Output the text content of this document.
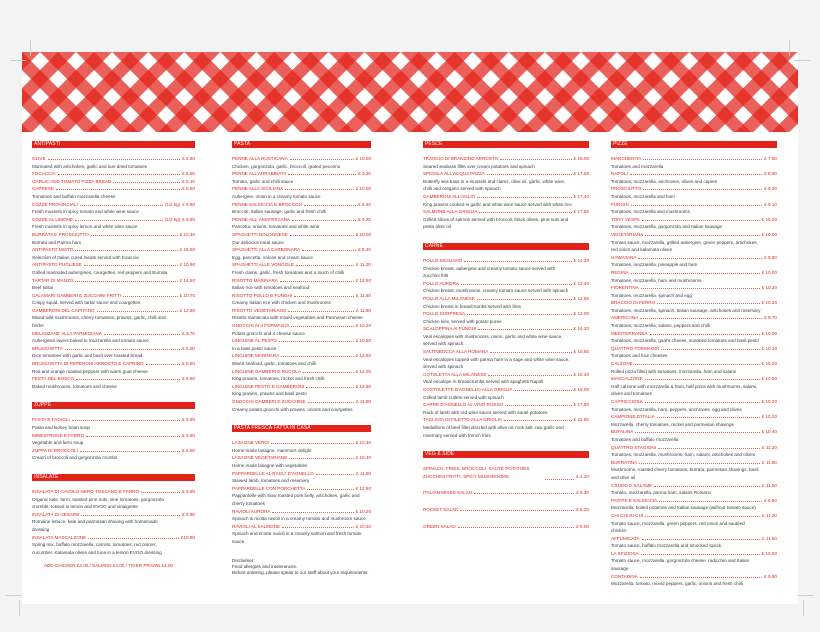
ANTIPASTI
OLIVE	£ 4.60
Marinated with artichokes, garlic and sun-dried tomatoes
FOCACCIA	£ 5.60
GARLIC AND TOMATO PIZZA BREAD	£ 6.10
CAPRESE	£ 8.50
Tomatoes and buffalo mozzarella cheese
COZZE PROVINCIALI	(1/2 kg) £ 9.90
Fresh mussels in spicy tomato and white wine sauce
COZZE AL LIMONE	(1/2 kg) £ 9.90
Fresh mussels in spicy lemon and white wine sauce
BURRATA E PROSCIUTTO	£ 10.40
Burrata and Parma ham
ANTIPASTO MISTO	£ 16.50
Selection of Italian cured meats served with focaccia
ANTIPASTO PUGLIESE	£ 10.90
Grilled marinated aubergines, courgettes, red peppers and Burrata
TARTAR DI MANZO	£ 14.50
Beef tartar
CALAMARI GAMBERI E ZUCCHINI FRITTI	£ 10.70
Crispy squid, served with tartar sauce and courgettes
GAMBERONI DEL CAPITANO	£ 12.50
Mixed wild mushrooms, cherry tomatoes, prawns, garlic, chilli and herbs
MELANZANE ALLA PARMIGIANA	£ 9.70
Aubergines layers baked in mozzarella and tomato sauce
BRUSCHETTA	£ 6.00
Dice tomatoes with garlic and basil over toasted bread
BRUSCHETTA DI PEPERONI ARROSTO E CAPRINO	£ 8.50
Red and orange roasted peppers with warm goat cheese
FESTA DEL BOSCO	£ 9.50
Baked mushrooms, tomatoes and cheese
ZUPPE
PASTA E FAGIOLI	£ 5.90
Pasta and kidney bean soup
MINESTRONE E FARRO	£ 6.50
Vegetable and farro soup
ZUPPA DI BROCCOLI	£ 6.50
Cream of broccoli and gorgonzola crumbs
INSALATE
INSALATA DI CAVOLO NERO TOSCANO E FARRO	£ 9.90
Organic kale, farro, toasted pine nuts, vine tomatoes, gorgonzola crumble, tossed in lemon and EVOO and vinaigrette
INSALATA DI CESARE	£ 9.90
Romaine lettuce, kale and parmesan shaving with homemade dressing
INSALATA MASCALZONE	£10.90
Spring mix, buffalo mozzarella, carrots, tomatoes, red onions, cucumber, Kalamata olives and tuna in a lemon EVOO dressing
ADD CHICKEN £3.00 / SALMON £4.00 / TIGER PRAWN £4.00
PASTA
PENNE ALLA RUSTICANA	£ 10.00
Chicken, gorgonzola, garlic, broccoli, grated pecorino
PENNE ALL'ARRABBIATA	£ 9.20
Tomato, garlic and chilli sauce
PENNE ALLA SICILIANA	£ 10.00
Aubergine, onion in a creamy tomato sauce
PENNE SALSICCIA E BROCCOLI	£ 9.40
Broccoli, Italian sausage, garlic and fresh chilli
PENNE ALL' AMATRICIANA	£ 9.20
Pancetta, onions, tomatoes and white wine
SPAGHETTI BOLOGNESE	£ 10.00
Our delicious meat sauce
SPAGHETTI ALLA CARBONARA	£ 9.40
Egg, pancetta, onions and cream sauce
SPAGHETTI ALLE VONGOLE	£ 11.30
Fresh clams, garlic, fresh tomatoes and a touch of chilli
RISOTTO MARINARA	£ 13.50
Italian rice with tomatoes and seafood
RISOTTO POLLO E FUNGHI	£ 11.40
Creamy Italian rice with chicken and mushrooms
RISOTTO VEGETARIANO	£ 11.50
Risotto mantecato with mixed vegetables and Parmesan cheese
GNOCCHI AI 4 FORMAGGI	£ 10.20
Potato gnocchi and 4 cheese sauce
LINGUINE AL PESTO	£ 10.80
In a basil pesto sauce
LINGUINE MARINARA	£ 13.50
Mixed seafood, garlic, tomatoes and chilli
LINGUINE GAMBERI E RUCOLA	£ 12.00
King prawns, tomatoes, rocket and fresh chilli
LINGUINE PESTO E GAMBERONI	£ 12.50
King prawns, prawns and basil pesto
GNOCCHI GAMBERI E ZUCCHINE	£ 11.80
Creamy potato gnocchi with prawns, onions and courgettes
PASTA FRESCA FATTA IN CASA
LASAGNE VERDI	£ 10.40
Home made lasagne, mamma's delight
LASAGNE VEGETARIANE	£ 10.40
Home made lasagne with vegetables
PAPPARDELLE AL RAGU' D'AGNELLO	£ 11.50
Stewed lamb, tomatoes and rosemary
PAPPARDELLE CON PORCHETTA	£ 12.50
Pappardelle with slow roasted pork belly, artichokes, garlic and cherry tomatoes
RAVIOLI AURORA	£ 10.20
Spinach & ricotta ravioli in a creamy tomato and mushroom sauce
RAVIOLI AL SALMONE	£ 10.40
Spinach and ricotta ravioli in a creamy salmon and fresh tomato sauce
Disclaimer:
Food allergies and intolerances.
Before ordering, please speak to our staff about your requirements.
PESCE
TRANCIO DI BRANZINO ARROSTO	£ 16.00
Seared seabass fillet over cream potatoes and spinach
SPIGOLA ALL'ACQUA PAZZA	£ 17.50
Butterfly sea bass in a mussels and clams, olive oil, garlic, white wine, chilli and oregano served with spinach
GAMBERONI ALL'AGLIO	£ 17.40
King prawns cooked in garlic and white wine sauce served with white rice
SALMONE ALLA GRIGLIA	£ 17.50
Grilled slices of salmon served with broccoli, black olives, pine nuts and pesto olive oil
CARNE
POLLO SICILIANO	£ 14.20
Chicken breast, aubergine and creamy tomato sauce served with zucchini fritti
POLLO AURORA	£ 13.40
Chicken breast, mushrooms, creamy tomato sauce served with spinach
POLLO ALLA MILANESE	£ 12.80
Chicken breast in breadcrumbs served with fries
POLLO SORPRESA	£ 13.00
Chicken kiev, served with potato puree
SCALOPPINA AI FUNGHI	£ 16.20
Veal escalopes with mushrooms, onion, garlic and white wine sauce, served with spinach
SALTINBOCCA ALLA ROMANA	£ 15.80
Veal escalopes topped with parma ham in a sage and white wine sauce, served with spinach
COTOLETTA ALLA MILANESE	£ 15.40
Veal escalope in breadcrumbs served with spaghetti Napoli
COSTOLETTE D'AGNELLO ALLA GRIGLIA	£ 16.00
Grilled lamb cutlets served with spinach
CARRÉ D'AGNELLO AL VINO ROSSO	£ 17.50
Rack of lamb with red wine sauce served with sauté potatoes
TAGLIATA DI FILETTO ALLA GRIGLIA	£ 22.80
Medallions of beef fillet drizzled with olive oil, rock salt, raw garlic and rosemary served with french fries
VEG & SIDE
SPINACH, FRIES, BROCCOLI, SAUTÉ POTATOES, ZUCCHINI FRITTI, SPICY MUSHROOMS	£ 4.20
ITALIAN MIXED SALAD	£ 5.30
ROCKET SALAD	£ 6.20
GREEN SALAD	£ 5.00
PIZZE
MARGHERITA	£ 7.60
Tomatoes and mozzarella
NAPOLI	£ 8.90
Tomatoes, mozzarella, anchovies, olives and capers
PROSCIUTTO	£ 9.20
Tomatoes, mozzarella and ham
FUNGHI	£ 9.10
Tomatoes, mozzarella and mushrooms
TONY VESPA	£ 10.20
Tomatoes, mozzarella, gorgonzola and Italian sausage
VEGETARIANA	£ 10.00
Tomato sauce, mozzarella, grilled aubergine, green peppers, artichokes, red onion and kalamata olives
HAWAIIANA	£ 9.60
Tomatoes, mozzarella, pineapple and ham
REGINA	£ 10.00
Tomatoes, mozzarella, ham and mushrooms
FIORENTINA	£ 10.20
Tomatoes, mozzarella, spinach and egg
BRACCIO DI FERRO	£ 10.20
Tomatoes, mozzarella, spinach, Italian sausage, artichokes and rosemary
AMERICANA	£ 9.70
Tomatoes, mozzarella, salami, peppers and chilli
MEDITERRANEA	£ 10.00
Tomatoes, mozzarella, goat's cheese, sundried tomatoes and basil pesto
QUATTRO FORMAGGI	£ 10.10
Tomatoes and four cheeses
CALZONE	£ 10.20
Rolled pizza filled with tomatoes, mozzarella, ham and salami
MASCALZONE	£ 10.50
Half calzone with mozzarella & ham, half pizza with mushrooms, salami, olives and tomatoes
CAPRICCIOSA	£ 10.20
Tomatoes, mozzarella, ham, peppers, anchovies, egg and olives
CAMPIONE D'ITALIA	£ 10.20
Mozzarella, cherry tomatoes, rocket and parmesan shavings
BUFALINA	£ 10.40
Tomatoes and buffalo mozzarella
QUATTRO STAGIONI	£ 11.20
Tomatoes, mozzarella, mushrooms, ham, salami, artichokes and olives
BURRATINA	£ 11.80
Mushrooms, roasted cherry tomatoes, burrata, parmesan shavings, basil and olive oil
CRUDO E SALAME	£ 11.50
Tomato, mozzarella, parma ham, salami Romano
PATATE E SALSICCIA	£ 9.50
Mozzarella, boiled potatoes and Italian sausage (without tomato sauce)
CHI CHI RI CHI	£ 11.20
Tomato sauce, mozzarella, green peppers, red onion and sautéed chicken
AFFUMICATA	£ 11.50
Tomato sauce, buffalo mozzarella and smocked speck
LA SFIZIOSA	£ 10.50
Tomato sauce, mozzarella, gorgonzola cheese, radicchio and Italian sausage
CONTADINA	£ 9.80
Mozzarella, tomato, mixed peppers, garlic, onions and fresh chilli
